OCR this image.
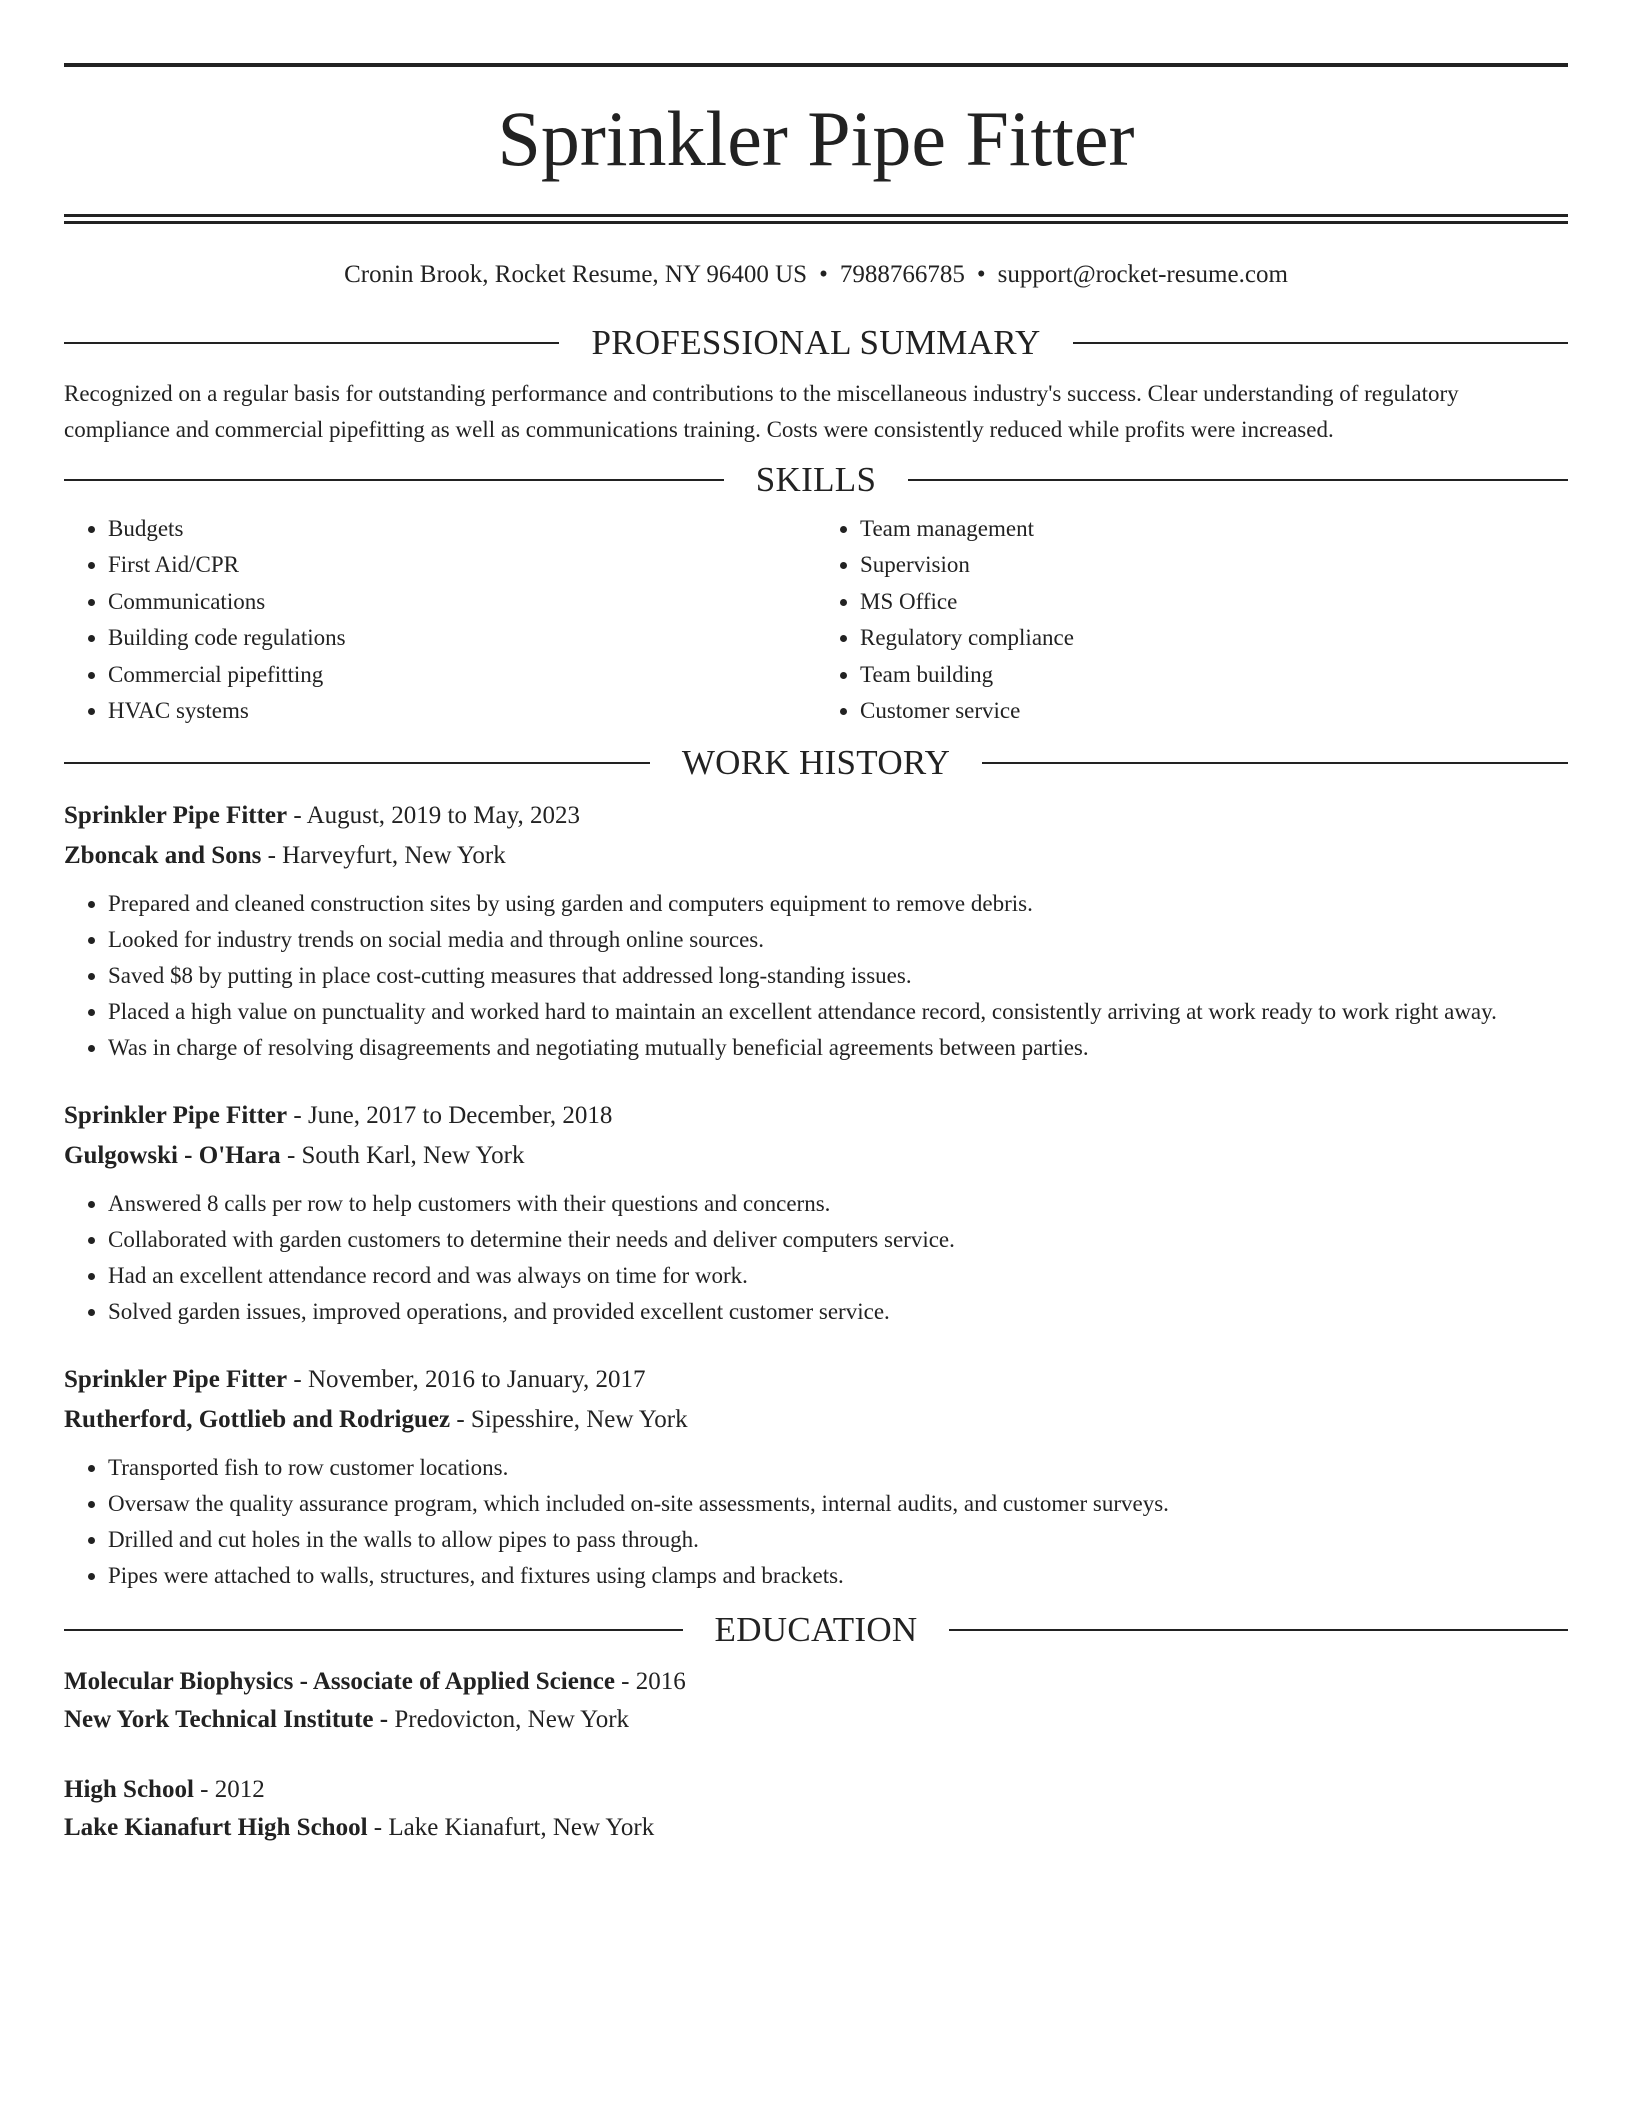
Sprinkler Pipe Fitter
Cronin Brook, Rocket Resume, NY 96400 US • 7988766785 • support@rocket-resume.com
PROFESSIONAL SUMMARY

Recognized on a regular basis for outstanding performance and contributions to the miscellaneous industry's success. Clear understanding of regulatory compliance and commercial pipefitting as well as communications training. Costs were consistently reduced while profits were increased.

SKILLS
• Budgets
• First Aid/CPR
• Communications
• Building code regulations
• Commercial pipefitting
• HVAC systems
• Team management
• Supervision
• MS Office
• Regulatory compliance
• Team building
• Customer service
WORK HISTORY
Sprinkler Pipe Fitter - August, 2019 to May, 2023
Zboncak and Sons - Harveyfurt, New York
• Prepared and cleaned construction sites by using garden and computers equipment to remove debris.
• Looked for industry trends on social media and through online sources.
• Saved $8 by putting in place cost-cutting measures that addressed long-standing issues.
• Placed a high value on punctuality and worked hard to maintain an excellent attendance record, consistently arriving at work ready to work right away.
• Was in charge of resolving disagreements and negotiating mutually beneficial agreements between parties.
Sprinkler Pipe Fitter - June, 2017 to December, 2018
Gulgowski - O'Hara - South Karl, New York
• Answered 8 calls per row to help customers with their questions and concerns.
• Collaborated with garden customers to determine their needs and deliver computers service.
• Had an excellent attendance record and was always on time for work.
• Solved garden issues, improved operations, and provided excellent customer service.
Sprinkler Pipe Fitter - November, 2016 to January, 2017
Rutherford, Gottlieb and Rodriguez - Sipesshire, New York
• Transported fish to row customer locations.
• Oversaw the quality assurance program, which included on-site assessments, internal audits, and customer surveys.
• Drilled and cut holes in the walls to allow pipes to pass through.
• Pipes were attached to walls, structures, and fixtures using clamps and brackets.
EDUCATION
Molecular Biophysics - Associate of Applied Science - 2016
New York Technical Institute - Predovicton, New York
High School - 2012
Lake Kianafurt High School - Lake Kianafurt, New York
